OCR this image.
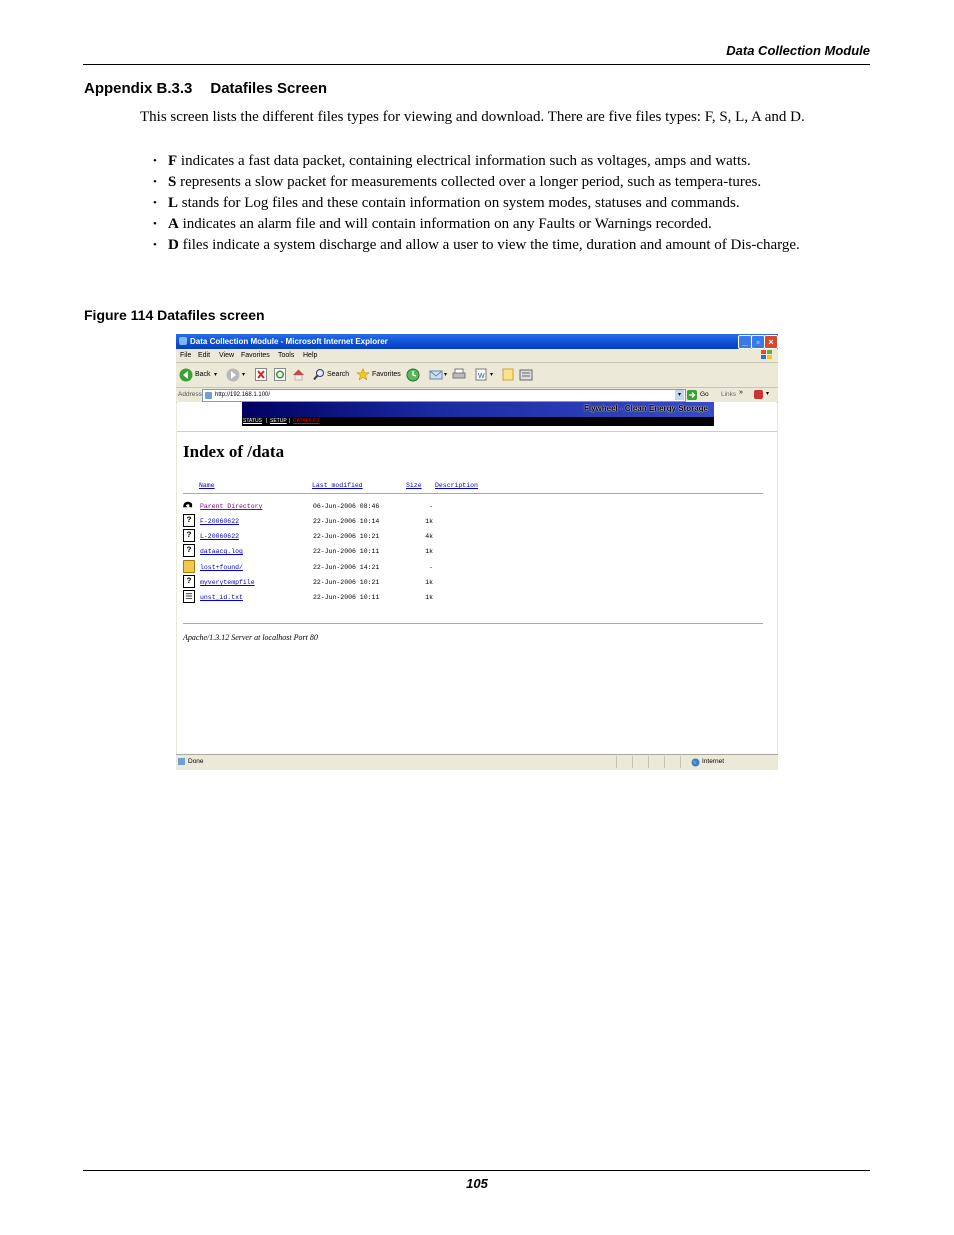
Data Collection Module
Appendix B.3.3 Datafiles Screen
This screen lists the different files types for viewing and download. There are five files types: F, S, L, A and D.
• F indicates a fast data packet, containing electrical information such as voltages, amps and watts.
• S represents a slow packet for measurements collected over a longer period, such as tempera-tures.
• L stands for Log files and these contain information on system modes, statuses and commands.
• A indicates an alarm file and will contain information on any Faults or Warnings recorded.
• D files indicate a system discharge and allow a user to view the time, duration and amount of Dis-charge.
Figure 114 Datafiles screen
Data Collection Module - Microsoft Internet Explorer	_ ▫ ×
File Edit View Favorites Tools Help
Back ▾	▾	Search	Favorites	▾	W ▾
Address http://192.168.1.100/	▾	Go Links »	▾
Flywheel - Clean Energy Storage
STATUS | SETUP | DATAFILES
Index of /data
Name	Last modified	Size Description
Parent Directory	06-Jun-2006 08:46	-
?	F-20060622	22-Jun-2006 10:14	1k
?	L-20060622	22-Jun-2006 10:21	4k
?	dataacq.log	22-Jun-2006 10:11	1k
lost+found/	22-Jun-2006 14:21	-
?	myverytempfile	22-Jun-2006 10:21	1k
unst_id.txt	22-Jun-2006 10:11	1k
Apache/1.3.12 Server at localhost Port 80
Done	Internet
105
